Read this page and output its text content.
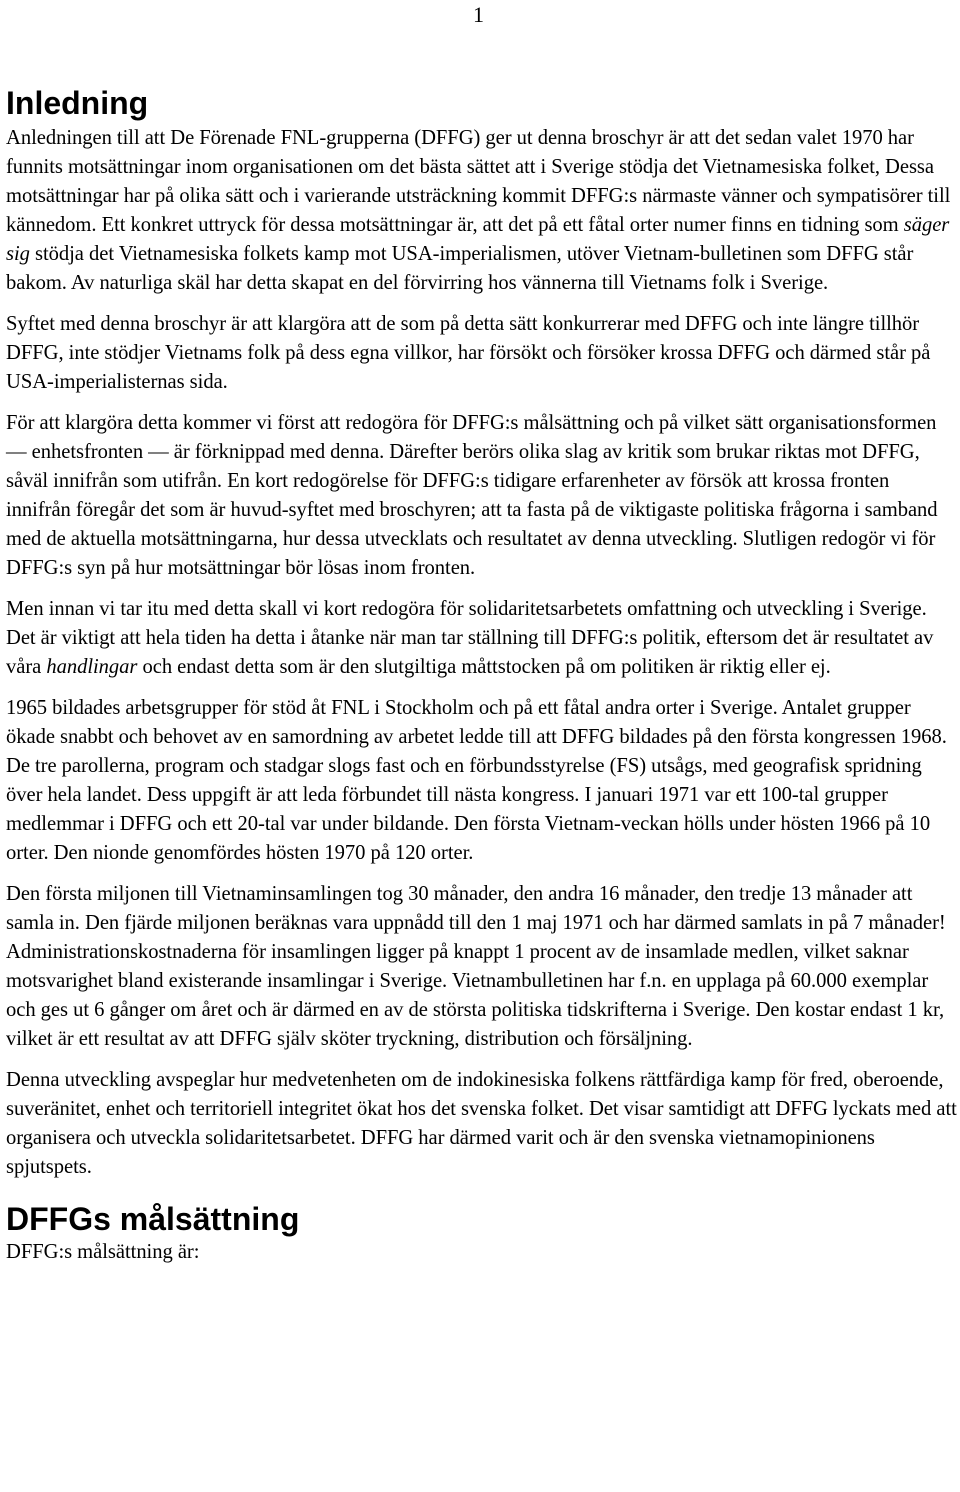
1
Inledning

Anledningen till att De Förenade FNL-grupperna (DFFG) ger ut denna broschyr är att det sedan valet 1970 har funnits motsättningar inom organisationen om det bästa sättet att i Sverige stödja det Vietnamesiska folket, Dessa motsättningar har på olika sätt och i varierande utsträckning kommit DFFG:s närmaste vänner och sympatisörer till kännedom. Ett konkret uttryck för dessa motsättningar är, att det på ett fåtal orter numer finns en tidning som säger sig stödja det Vietnamesiska folkets kamp mot USA-imperialismen, utöver Vietnam-bulletinen som DFFG står bakom. Av naturliga skäl har detta skapat en del förvirring hos vännerna till Vietnams folk i Sverige.

Syftet med denna broschyr är att klargöra att de som på detta sätt konkurrerar med DFFG och inte längre tillhör DFFG, inte stödjer Vietnams folk på dess egna villkor, har försökt och försöker krossa DFFG och därmed står på USA-imperialisternas sida.

För att klargöra detta kommer vi först att redogöra för DFFG:s målsättning och på vilket sätt organisationsformen — enhetsfronten — är förknippad med denna. Därefter berörs olika slag av kritik som brukar riktas mot DFFG, såväl innifrån som utifrån. En kort redogörelse för DFFG:s tidigare erfarenheter av försök att krossa fronten innifrån föregår det som är huvud-syftet med broschyren; att ta fasta på de viktigaste politiska frågorna i samband med de aktuella motsättningarna, hur dessa utvecklats och resultatet av denna utveckling. Slutligen redogör vi för DFFG:s syn på hur motsättningar bör lösas inom fronten.

Men innan vi tar itu med detta skall vi kort redogöra för solidaritetsarbetets omfattning och utveckling i Sverige. Det är viktigt att hela tiden ha detta i åtanke när man tar ställning till DFFG:s politik, eftersom det är resultatet av våra handlingar och endast detta som är den slutgiltiga måttstocken på om politiken är riktig eller ej.

1965 bildades arbetsgrupper för stöd åt FNL i Stockholm och på ett fåtal andra orter i Sverige. Antalet grupper ökade snabbt och behovet av en samordning av arbetet ledde till att DFFG bildades på den första kongressen 1968. De tre parollerna, program och stadgar slogs fast och en förbundsstyrelse (FS) utsågs, med geografisk spridning över hela landet. Dess uppgift är att leda förbundet till nästa kongress. I januari 1971 var ett 100-tal grupper medlemmar i DFFG och ett 20-tal var under bildande. Den första Vietnam-veckan hölls under hösten 1966 på 10 orter. Den nionde genomfördes hösten 1970 på 120 orter.

Den första miljonen till Vietnaminsamlingen tog 30 månader, den andra 16 månader, den tredje 13 månader att samla in. Den fjärde miljonen beräknas vara uppnådd till den 1 maj 1971 och har därmed samlats in på 7 månader! Administrationskostnaderna för insamlingen ligger på knappt 1 procent av de insamlade medlen, vilket saknar motsvarighet bland existerande insamlingar i Sverige. Vietnambulletinen har f.n. en upplaga på 60.000 exemplar och ges ut 6 gånger om året och är därmed en av de största politiska tidskrifterna i Sverige. Den kostar endast 1 kr, vilket är ett resultat av att DFFG själv sköter tryckning, distribution och försäljning.

Denna utveckling avspeglar hur medvetenheten om de indokinesiska folkens rättfärdiga kamp för fred, oberoende, suveränitet, enhet och territoriell integritet ökat hos det svenska folket. Det visar samtidigt att DFFG lyckats med att organisera och utveckla solidaritetsarbetet. DFFG har därmed varit och är den svenska vietnamopinionens spjutspets.

DFFGs målsättning

DFFG:s målsättning är:
